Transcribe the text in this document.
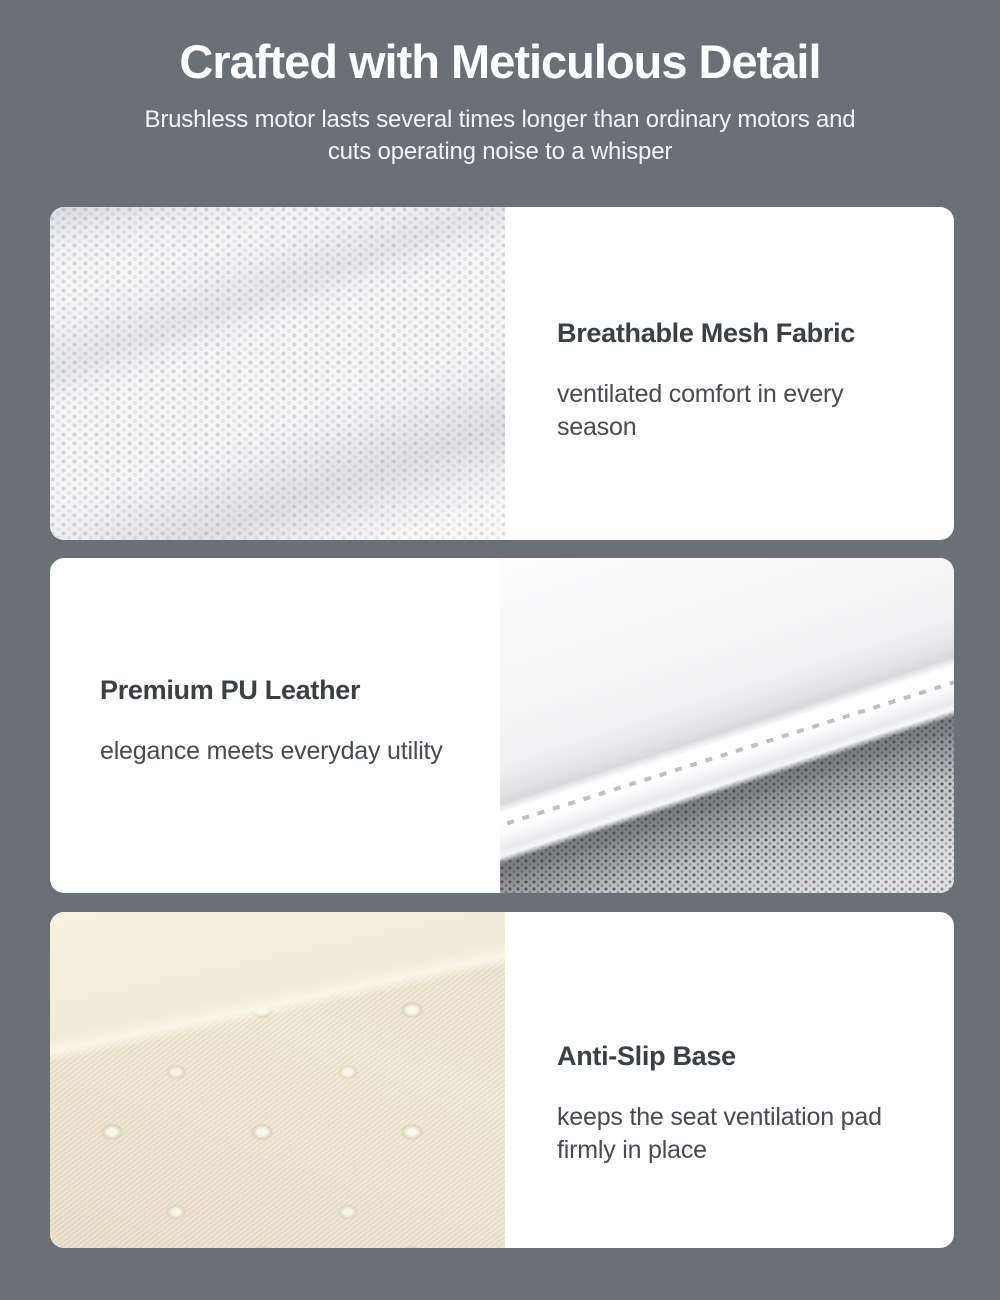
Crafted with Meticulous Detail
Brushless motor lasts several times longer than ordinary motors and
cuts operating noise to a whisper
Breathable Mesh Fabric

ventilated comfort in every season

Premium PU Leather

elegance meets everyday utility

Anti-Slip Base

keeps the seat ventilation pad firmly in place
